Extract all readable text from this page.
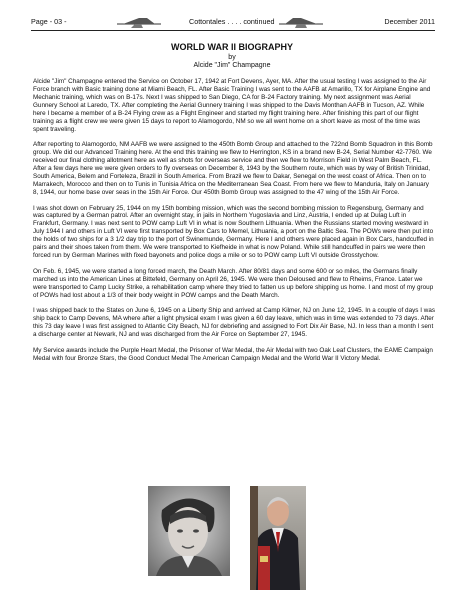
Page - 03 -	Cottontales . . . . continued	December 2011
WORLD WAR II BIOGRAPHY
by
Alcide "Jim" Champagne

Alcide "Jim" Champagne entered the Service on October 17, 1942 at Fort Devens, Ayer, MA. After the usual testing I was assigned to the Air Force branch with Basic training done at Miami Beach, FL. After Basic Training I was sent to the AAFB at Amarillo, TX for Airplane Engine and Mechanic training, which was on B-17s. Next I was shipped to San Diego, CA for B-24 Factory training. My next assignment was Aerial Gunnery School at Laredo, TX. After completing the Aerial Gunnery training I was shipped to the Davis Monthan AAFB in Tucson, AZ. While here I became a member of a B-24 Flying crew as a Flight Engineer and started my flight training here. After finishing this part of our flight training as a flight crew we were given 15 days to report to Alamogordo, NM so we all went home on a short leave as most of the time was spent traveling.

After reporting to Alamogordo, NM AAFB we were assigned to the 450th Bomb Group and attached to the 722nd Bomb Squadron in this Bomb group. We did our Advanced Training here. At the end this training we flew to Herrington, KS in a brand new B-24, Serial Number 42-7760. We received our final clothing allotment here as well as shots for overseas service and then we flew to Morrison Field in West Palm Beach, FL. After a few days here we were given orders to fly overseas on December 8, 1943 by the Southern route, which was by way of British Trinidad, South America, Belem and Forteleza, Brazil in South America. From Brazil we flew to Dakar, Senegal on the west coast of Africa. Then on to Marrakech, Morocco and then on to Tunis in Tunisia Africa on the Mediterranean Sea Coast. From here we flew to Manduria, Italy on January 8, 1944, our home base over seas in the 15th Air Force. Our 450th Bomb Group was assigned to the 47 wing of the 15th Air Force.

I was shot down on February 25, 1944 on my 15th bombing mission, which was the second bombing mission to Regensburg, Germany and was captured by a German patrol. After an overnight stay, in jails in Northern Yugoslavia and Linz, Austria, I ended up at Dulag Luft in Frankfurt, Germany. I was next sent to POW camp Luft VI in what is now Southern Lithuania. When the Russians started moving westward in July 1944 I and others in Luft VI were first transported by Box Cars to Memel, Lithuania, a port on the Baltic Sea. The POWs were then put into the holds of two ships for a 3 1/2 day trip to the port of Swinemunde, Germany. Here I and others were placed again in Box Cars, handcuffed in pairs and their shoes taken from them. We were transported to Kiefheide in what is now Poland. While still handcuffed in pairs we were then forced run by German Marines with fixed bayonets and police dogs a mile or so to POW camp Luft VI outside Grosstychow.

On Feb. 6, 1945, we were started a long forced march, the Death March. After 80/81 days and some 600 or so miles, the Germans finally marched us into the American Lines at Bittefeld, Germany on April 26, 1945. We were then Deloused and flew to Rheims, France. Later we were transported to Camp Lucky Strike, a rehabilitation camp where they tried to fatten us up before shipping us home. I and most of my group of POWs had lost about a 1/3 of their body weight in POW camps and the Death March.

I was shipped back to the States on June 6, 1945 on a Liberty Ship and arrived at Camp Kilmer, NJ on June 12, 1945. In a couple of days I was ship back to Camp Devens, MA where after a light physical exam I was given a 60 day leave, which was in time was extended to 73 days. After this 73 day leave I was first assigned to Atlantic City Beach, NJ for debriefing and assigned to Fort Dix Air Base, NJ. In less than a month I sent a discharge center at Newark, NJ and was discharged from the Air Force on September 27, 1945.

My Service awards include the Purple Heart Medal, the Prisoner of War Medal, the Air Medal with two Oak Leaf Clusters, the EAME Campaign Medal with four Bronze Stars, the Good Conduct Medal The American Campaign Medal and the World War II Victory Medal.
